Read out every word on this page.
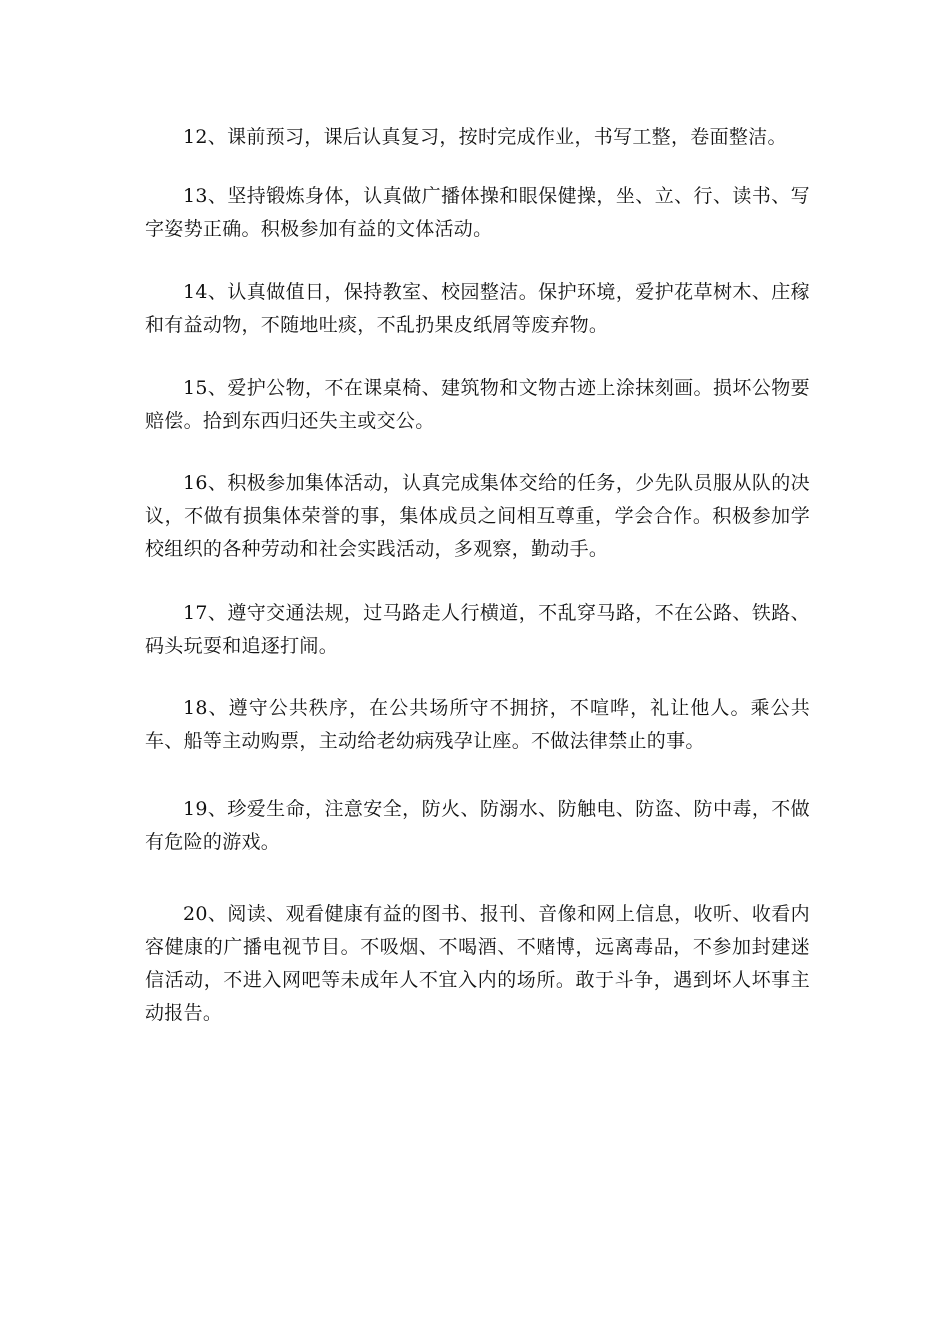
12、课前预习，课后认真复习，按时完成作业，书写工整，卷面整洁。

13、坚持锻炼身体，认真做广播体操和眼保健操，坐、立、行、读书、写字姿势正确。积极参加有益的文体活动。

14、认真做值日，保持教室、校园整洁。保护环境，爱护花草树木、庄稼和有益动物，不随地吐痰，不乱扔果皮纸屑等废弃物。

15、爱护公物，不在课桌椅、建筑物和文物古迹上涂抹刻画。损坏公物要赔偿。拾到东西归还失主或交公。

16、积极参加集体活动，认真完成集体交给的任务，少先队员服从队的决议，不做有损集体荣誉的事，集体成员之间相互尊重，学会合作。积极参加学校组织的各种劳动和社会实践活动，多观察，勤动手。

17、遵守交通法规，过马路走人行横道，不乱穿马路，不在公路、铁路、码头玩耍和追逐打闹。

18、遵守公共秩序，在公共场所守不拥挤，不喧哗，礼让他人。乘公共车、船等主动购票，主动给老幼病残孕让座。不做法律禁止的事。

19、珍爱生命，注意安全，防火、防溺水、防触电、防盗、防中毒，不做有危险的游戏。

20、阅读、观看健康有益的图书、报刊、音像和网上信息，收听、收看内容健康的广播电视节目。不吸烟、不喝酒、不赌博，远离毒品，不参加封建迷信活动，不进入网吧等未成年人不宜入内的场所。敢于斗争，遇到坏人坏事主动报告。
